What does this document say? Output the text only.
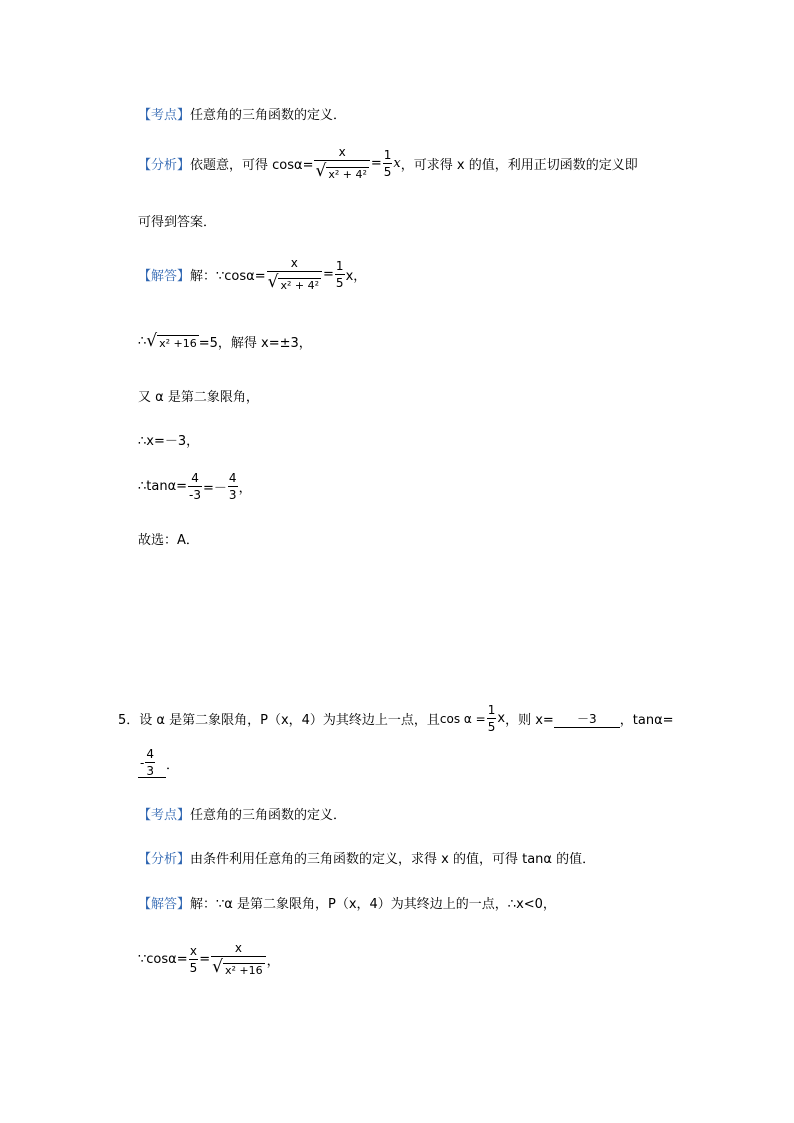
【考点】 任意角的三角函数的定义．
【分析】 依题意，可得 $\cos\alpha= \frac{x}{\text{√ x² + 4²}} = \frac{1}{5}$ x ，可求得 x 的值，利用正切函数的定义即
可得到答案．
【解答】 解：∵cosα= $\frac{x}{\text{√ x² + 4²}} = \frac{1}{5}$ x，
∴ √ x² +16 =5，解得 x=±3，
又 α 是第二象限角，
∴x=－3，
∴tanα= $\frac{4}{-3} =- \frac{4}{3}$ ，
故选：A．
5．设 α 是第二象限角，P（x，4）为其终边上一点，且 $\cos \alpha = \frac{1}{5}$ x ，则 x=	－3	，tanα=
- $\frac{4}{3}$ ．
【考点】 任意角的三角函数的定义．
【分析】 由条件利用任意角的三角函数的定义，求得 x 的值，可得 tanα 的值．
【解答】 解：∵α 是第二象限角，P（x，4）为其终边上的一点，∴x<0，
∵cosα= $\frac{x}{5} = \frac{x}{\text{√ x² +16}}$ ，
